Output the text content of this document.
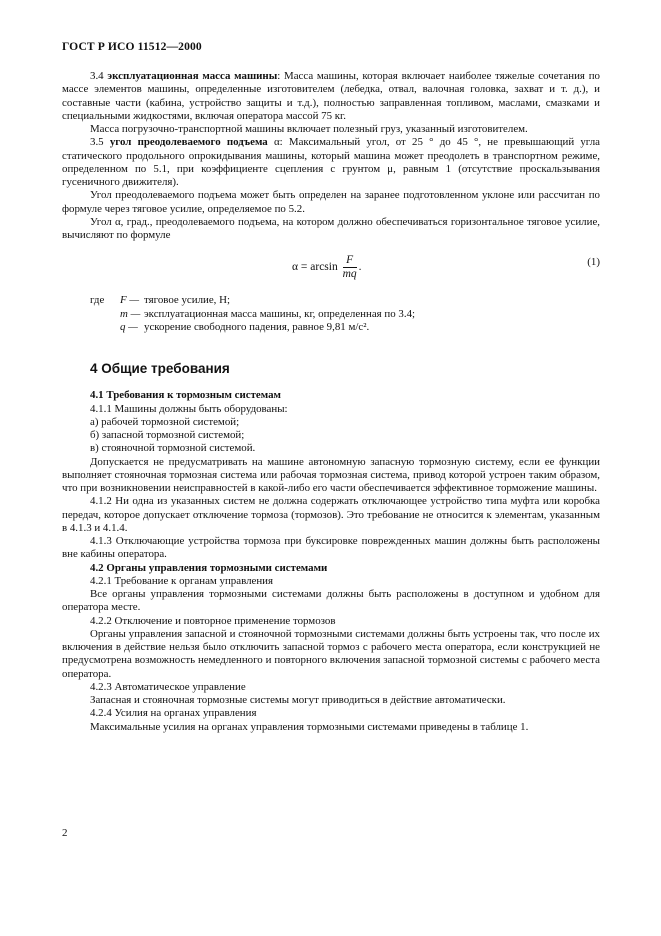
ГОСТ Р ИСО 11512—2000

3.4 эксплуатационная масса машины: Масса машины, которая включает наиболее тяжелые сочетания по массе элементов машины, определенные изготовителем (лебедка, отвал, валочная головка, захват и т. д.), и составные части (кабина, устройство защиты и т.д.), полностью заправленная топливом, маслами, смазками и специальными жидкостями, включая оператора массой 75 кг.

Масса погрузочно-транспортной машины включает полезный груз, указанный изготовителем.

3.5 угол преодолеваемого подъема α: Максимальный угол, от 25 ° до 45 °, не превышающий угла статического продольного опрокидывания машины, который машина может преодолеть в транспортном режиме, определенном по 5.1, при коэффициенте сцепления с грунтом μ, равным 1 (отсутствие проскальзывания гусеничного движителя).

Угол преодолеваемого подъема может быть определен на заранее подготовленном уклоне или рассчитан по формуле через тяговое усилие, определяемое по 5.2.

Угол α, град., преодолеваемого подъема, на котором должно обеспечиваться горизонтальное тяговое усилие, вычисляют по формуле

$\alpha = \arcsin \frac{F}{mq}$ .	(1)
где	F — тяговое усилие, Н;
m — эксплуатационная масса машины, кг, определенная по 3.4;
q — ускорение свободного падения, равное 9,81 м/с².
4 Общие требования

4.1 Требования к тормозным системам

4.1.1 Машины должны быть оборудованы:

а) рабочей тормозной системой;

б) запасной тормозной системой;

в) стояночной тормозной системой.

Допускается не предусматривать на машине автономную запасную тормозную систему, если ее функции выполняет стояночная тормозная система или рабочая тормозная система, привод которой устроен таким образом, что при возникновении неисправностей в какой-либо его части обеспечивается эффективное торможение машины.

4.1.2 Ни одна из указанных систем не должна содержать отключающее устройство типа муфта или коробка передач, которое допускает отключение тормоза (тормозов). Это требование не относится к элементам, указанным в 4.1.3 и 4.1.4.

4.1.3 Отключающие устройства тормоза при буксировке поврежденных машин должны быть расположены вне кабины оператора.

4.2 Органы управления тормозными системами

4.2.1 Требование к органам управления

Все органы управления тормозными системами должны быть расположены в доступном и удобном для оператора месте.

4.2.2 Отключение и повторное применение тормозов

Органы управления запасной и стояночной тормозными системами должны быть устроены так, что после их включения в действие нельзя было отключить запасной тормоз с рабочего места оператора, если конструкцией не предусмотрена возможность немедленного и повторного включения запасной тормозной системы с рабочего места оператора.

4.2.3 Автоматическое управление

Запасная и стояночная тормозные системы могут приводиться в действие автоматически.

4.2.4 Усилия на органах управления

Максимальные усилия на органах управления тормозными системами приведены в таблице 1.

2
